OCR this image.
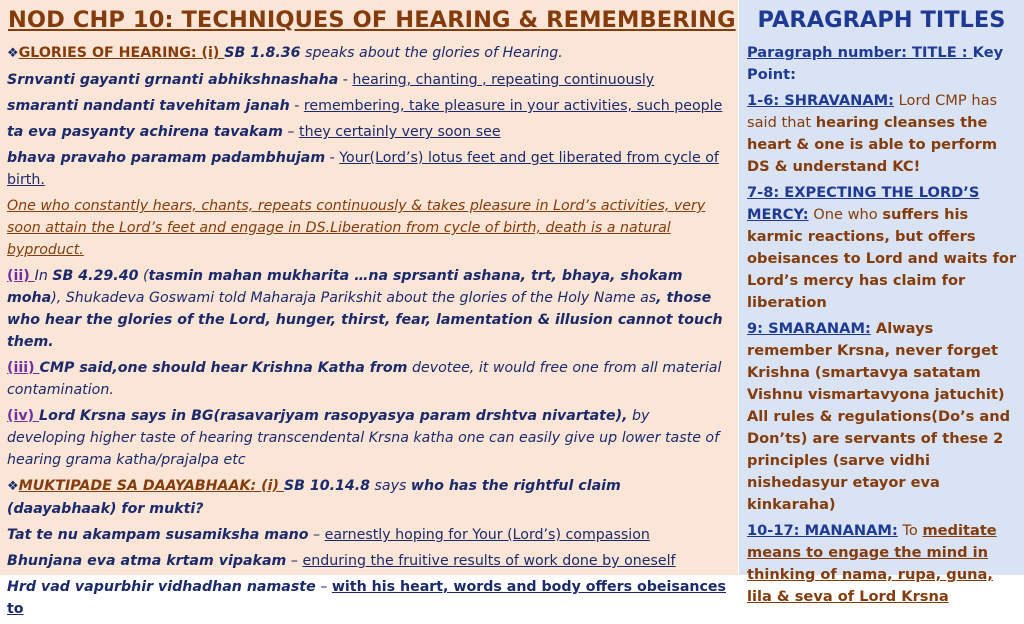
NOD CHP 10: TECHNIQUES OF HEARING & REMEMBERING

❖GLORIES OF HEARING: (i) SB 1.8.36 speaks about the glories of Hearing.

Srnvanti gayanti grnanti abhikshnashaha - hearing, chanting , repeating continuously

smaranti nandanti tavehitam janah - remembering, take pleasure in your activities, such people

ta eva pasyanty achirena tavakam – they certainly very soon see

bhava pravaho paramam padambhujam - Your(Lord’s) lotus feet and get liberated from cycle of birth.

One who constantly hears, chants, repeats continuously & takes pleasure in Lord’s activities, very soon attain the Lord’s feet and engage in DS.Liberation from cycle of birth, death is a natural byproduct.

(ii) In SB 4.29.40 (tasmin mahan mukharita …na sprsanti ashana, trt, bhaya, shokam moha), Shukadeva Goswami told Maharaja Parikshit about the glories of the Holy Name as, those who hear the glories of the Lord, hunger, thirst, fear, lamentation & illusion cannot touch them.

(iii) CMP said,one should hear Krishna Katha from devotee, it would free one from all material contamination.

(iv) Lord Krsna says in BG(rasavarjyam rasopyasya param drshtva nivartate), by developing higher taste of hearing transcendental Krsna katha one can easily give up lower taste of hearing grama katha/prajalpa etc

❖MUKTIPADE SA DAAYABHAAK: (i) SB 10.14.8 says who has the rightful claim (daayabhaak) for mukti?

Tat te nu akampam susamiksha mano – earnestly hoping for Your (Lord’s) compassion

Bhunjana eva atma krtam vipakam – enduring the fruitive results of work done by oneself

Hrd vad vapurbhir vidhadhan namaste – with his heart, words and body offers obeisances to

PARAGRAPH TITLES

Paragraph number: TITLE : Key Point:

1-6: SHRAVANAM: Lord CMP has said that hearing cleanses the heart & one is able to perform DS & understand KC!

7-8: EXPECTING THE LORD’S MERCY: One who suffers his karmic reactions, but offers obeisances to Lord and waits for Lord’s mercy has claim for liberation

9: SMARANAM: Always remember Krsna, never forget Krishna (smartavya satatam Vishnu vismartavyona jatuchit) All rules & regulations(Do’s and Don’ts) are servants of these 2 principles (sarve vidhi nishedasyur etayor eva kinkaraha)

10-17: MANANAM: To meditate means to engage the mind in thinking of nama, rupa, guna, lila & seva of Lord Krsna
